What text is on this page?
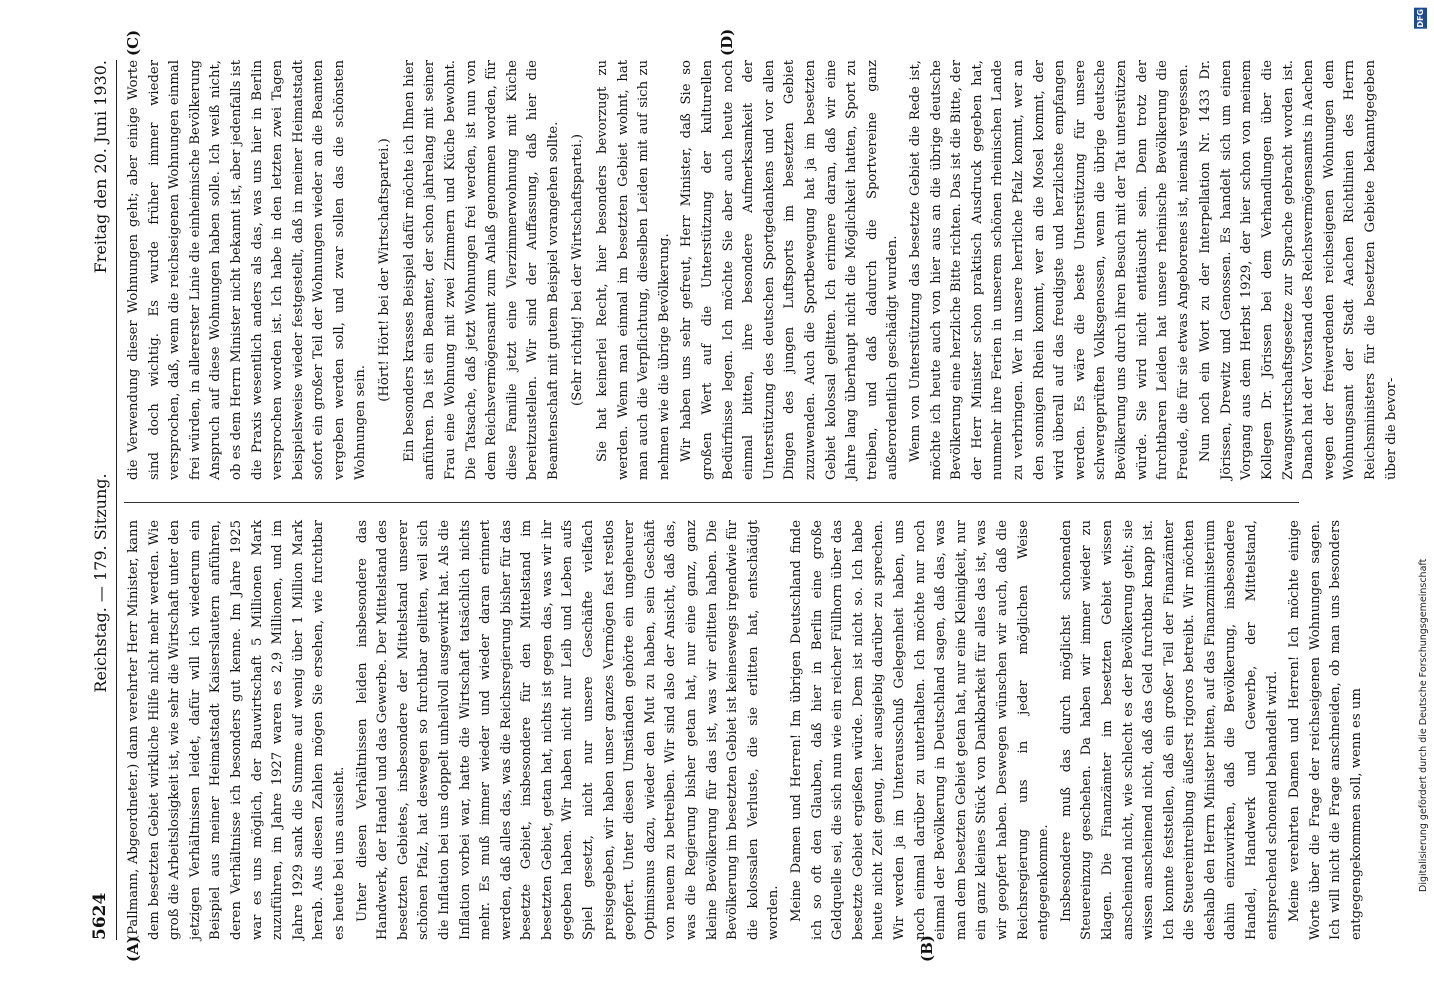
5624
Reichstag. — 179. Sitzung.
Freitag den 20. Juni 1930.
(A)	(B)
(C)	(D)

(Pallmann, Abgeordneter.) dann verehrter Herr Minister, kann dem besetzten Gebiet wirkliche Hilfe nicht mehr werden. Wie groß die Arbeitslosigkeit ist, wie sehr die Wirtschaft unter den jetzigen Verhältnissen leidet, dafür will ich wiederum ein Beispiel aus meiner Heimatstadt Kaiserslautern anführen, deren Verhältnisse ich besonders gut kenne. Im Jahre 1925 war es uns möglich, der Bauwirtschaft 5 Millionen Mark zuzuführen, im Jahre 1927 waren es 2,9 Millionen, und im Jahre 1929 sank die Summe auf wenig über 1 Million Mark herab. Aus diesen Zahlen mögen Sie ersehen, wie furchtbar es heute bei uns aussieht. Unter diesen Verhältnissen leiden insbesondere das Handwerk, der Handel und das Gewerbe. Der Mittelstand des besetzten Gebietes, insbesondere der Mittelstand unserer schönen Pfalz, hat deswegen so furchtbar gelitten, weil sich die Inflation bei uns doppelt unheilvoll ausgewirkt hat. Als die Inflation vorbei war, hatte die Wirtschaft tatsächlich nichts mehr. Es muß immer wieder und wieder daran erinnert werden, daß alles das, was die Reichsregierung bisher für das besetzte Gebiet, insbesondere für den Mittelstand im besetzten Gebiet, getan hat, nichts ist gegen das, was wir ihr gegeben haben. Wir haben nicht nur Leib und Leben aufs Spiel gesetzt, nicht nur unsere Geschäfte vielfach preisgegeben, wir haben unser ganzes Vermögen fast restlos geopfert. Unter diesen Umständen gehörte ein ungeheurer Optimismus dazu, wieder den Mut zu haben, sein Geschäft von neuem zu betreiben. Wir sind also der Ansicht, daß das, was die Regierung bisher getan hat, nur eine ganz, ganz kleine Bevölkerung für das ist, was wir erlitten haben. Die Bevölkerung im besetzten Gebiet ist keineswegs irgendwie für die kolossalen Verluste, die sie erlitten hat, entschädigt worden. Meine Damen und Herren! Im übrigen Deutschland finde ich so oft den Glauben, daß hier in Berlin eine große Geldquelle sei, die sich nun wie ein reicher Füllhorn über das besetzte Gebiet ergießen würde. Dem ist nicht so. Ich habe heute nicht Zeit genug, hier ausgiebig darüber zu sprechen. Wir werden ja im Unterausschuß Gelegenheit haben, uns noch einmal darüber zu unterhalten. Ich möchte nur noch einmal der Bevölkerung in Deutschland sagen, daß das, was man dem besetzten Gebiet getan hat, nur eine Kleinigkeit, nur ein ganz kleines Stück von Dankbarkeit für alles das ist, was wir geopfert haben. Deswegen wünschen wir auch, daß die Reichsregierung uns in jeder möglichen Weise entgegenkomme. Insbesondere muß das durch möglichst schonenden Steuereinzug geschehen. Da haben wir immer wieder zu klagen. Die Finanzämter im besetzten Gebiet wissen anscheinend nicht, wie schlecht es der Bevölkerung geht; sie wissen anscheinend nicht, daß das Geld furchtbar knapp ist. Ich konnte feststellen, daß ein großer Teil der Finanzämter die Steuereintreibung äußerst rigoros betreibt. Wir möchten deshalb den Herrn Minister bitten, auf das Finanzministerium dahin einzuwirken, daß die Bevölkerung, insbesondere Handel, Handwerk und Gewerbe, der Mittelstand, entsprechend schonend behandelt wird. Meine verehrten Damen und Herren! Ich möchte einige Worte über die Frage der reichseigenen Wohnungen sagen. Ich will nicht die Frage anschneiden, ob man uns besonders entgegengekommen soll, wenn es um

die Verwendung dieser Wohnungen geht; aber einige Worte sind doch wichtig. Es wurde früher immer wieder versprochen, daß, wenn die reichseigenen Wohnungen einmal frei würden, in allererster Linie die einheimische Bevölkerung Anspruch auf diese Wohnungen haben solle. Ich weiß nicht, ob es dem Herrn Minister nicht bekannt ist, aber jedenfalls ist die Praxis wesentlich anders als das, was uns hier in Berlin versprochen worden ist. Ich habe in den letzten zwei Tagen beispielsweise wieder festgestellt, daß in meiner Heimatstadt sofort ein großer Teil der Wohnungen wieder an die Beamten vergeben werden soll, und zwar sollen das die schönsten Wohnungen sein.

(Hört! Hört! bei der Wirtschaftspartei.) Ein besonders krasses Beispiel dafür möchte ich Ihnen hier anführen. Da ist ein Beamter, der schon jahrelang mit seiner Frau eine Wohnung mit zwei Zimmern und Küche bewohnt. Die Tatsache, daß jetzt Wohnungen frei werden, ist nun von dem Reichsvermögensamt zum Anlaß genommen worden, für diese Familie jetzt eine Vierzimmerwohnung mit Küche bereitzustellen. Wir sind der Auffassung, daß hier die Beamtenschaft mit gutem Beispiel vorangehen sollte. (Sehr richtig! bei der Wirtschaftspartei.) Sie hat keinerlei Recht, hier besonders bevorzugt zu werden. Wenn man einmal im besetzten Gebiet wohnt, hat man auch die Verpflichtung, dieselben Leiden mit auf sich zu nehmen wie die übrige Bevölkerung. Wir haben uns sehr gefreut, Herr Minister, daß Sie so großen Wert auf die Unterstützung der kulturellen Bedürfnisse legen. Ich möchte Sie aber auch heute noch einmal bitten, ihre besondere Aufmerksamkeit der Unterstützung des deutschen Sportgedankens und vor allen Dingen des jungen Luftsports im besetzten Gebiet zuzuwenden. Auch die Sportbewegung hat ja im besetzten Gebiet kolossal gelitten. Ich erinnere daran, daß wir eine Jahre lang überhaupt nicht die Möglichkeit hatten, Sport zu treiben, und daß dadurch die Sportvereine ganz außerordentlich geschädigt wurden. Wenn von Unterstützung das besetzte Gebiet die Rede ist, möchte ich heute auch von hier aus an die übrige deutsche Bevölkerung eine herzliche Bitte richten. Das ist die Bitte, der der Herr Minister schon praktisch Ausdruck gegeben hat, nunmehr ihre Ferien in unserem schönen rheinischen Lande zu verbringen. Wer in unsere herrliche Pfalz kommt, wer an den sonnigen Rhein kommt, wer an die Mosel kommt, der wird überall auf das freudigste und herzlichste empfangen werden. Es wäre die beste Unterstützung für unsere schwergeprüften Volksgenossen, wenn die übrige deutsche Bevölkerung uns durch ihren Besuch mit der Tat unterstützen würde. Sie wird nicht enttäuscht sein. Denn trotz der furchtbaren Leiden hat unsere rheinische Bevölkerung die Freude, die für sie etwas Angeborenes ist, niemals vergessen. Nun noch ein Wort zu der Interpellation Nr. 1433 Dr. Jörissen, Drewitz und Genossen. Es handelt sich um einen Vorgang aus dem Herbst 1929, der hier schon von meinem Kollegen Dr. Jörissen bei dem Verhandlungen über die Zwangswirtschaftsgesetze zur Sprache gebracht worden ist. Danach hat der Vorstand des Reichsvermögensamts in Aachen wegen der freiwerdenden reichseigenen Wohnungen dem Wohnungsamt der Stadt Aachen Richtlinien des Herrn Reichsministers für die besetzten Gebiete bekanntgegeben über die bevor-

Digitalisierung gefördert durch die Deutsche Forschungsgemeinschaft
DFG
